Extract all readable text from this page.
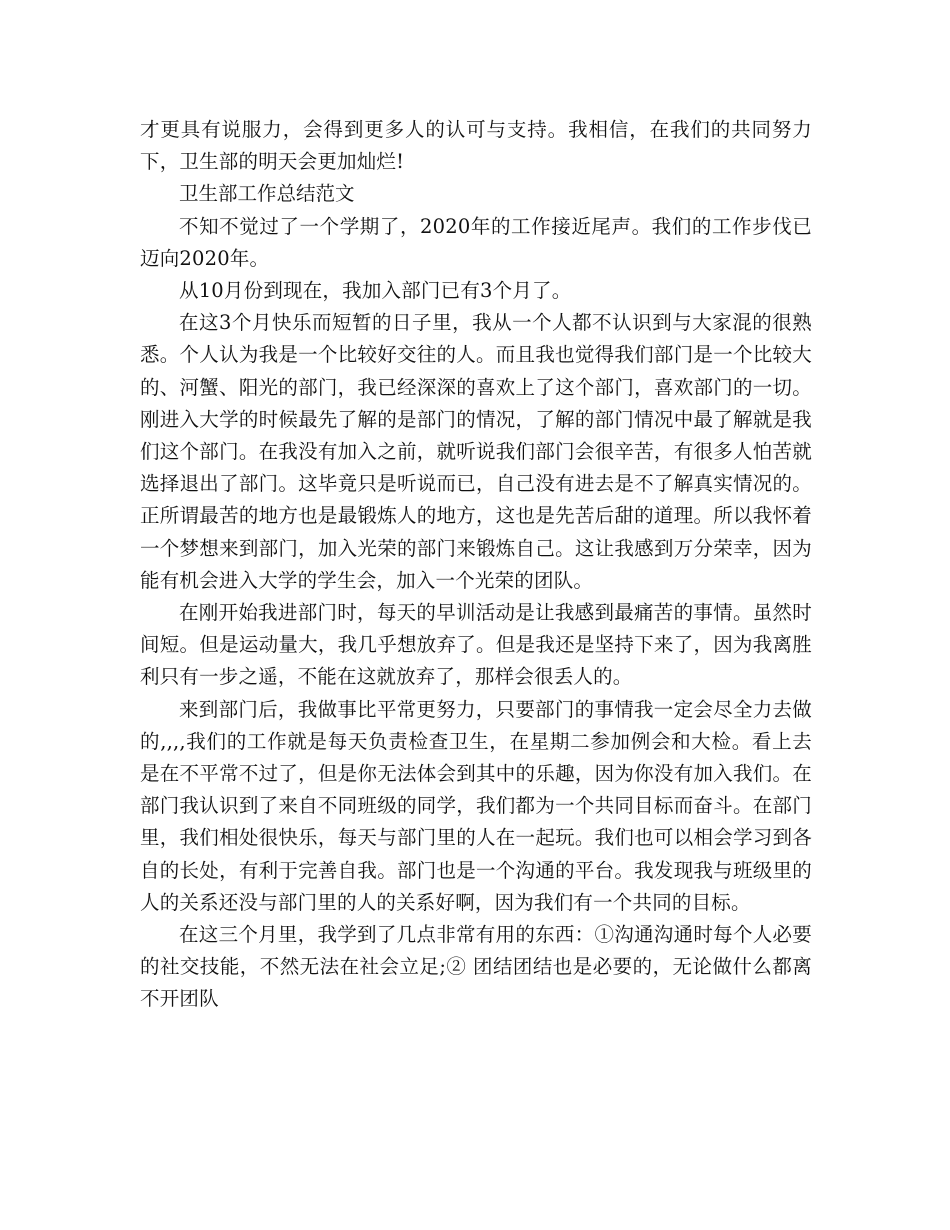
才更具有说服力，会得到更多人的认可与支持。我相信，在我们的共同努力下，卫生部的明天会更加灿烂!

卫生部工作总结范文

不知不觉过了一个学期了，2020年的工作接近尾声。我们的工作步伐已迈向2020年。

从10月份到现在，我加入部门已有3个月了。

在这3个月快乐而短暂的日子里，我从一个人都不认识到与大家混的很熟悉。个人认为我是一个比较好交往的人。而且我也觉得我们部门是一个比较大的、河蟹、阳光的部门，我已经深深的喜欢上了这个部门，喜欢部门的一切。刚进入大学的时候最先了解的是部门的情况，了解的部门情况中最了解就是我们这个部门。在我没有加入之前，就听说我们部门会很辛苦，有很多人怕苦就选择退出了部门。这毕竟只是听说而已，自己没有进去是不了解真实情况的。正所谓最苦的地方也是最锻炼人的地方，这也是先苦后甜的道理。所以我怀着一个梦想来到部门，加入光荣的部门来锻炼自己。这让我感到万分荣幸，因为能有机会进入大学的学生会，加入一个光荣的团队。

在刚开始我进部门时，每天的早训活动是让我感到最痛苦的事情。虽然时间短。但是运动量大，我几乎想放弃了。但是我还是坚持下来了，因为我离胜利只有一步之遥，不能在这就放弃了，那样会很丢人的。

来到部门后，我做事比平常更努力，只要部门的事情我一定会尽全力去做的,,,,我们的工作就是每天负责检查卫生，在星期二参加例会和大检。看上去是在不平常不过了，但是你无法体会到其中的乐趣，因为你没有加入我们。在部门我认识到了来自不同班级的同学，我们都为一个共同目标而奋斗。在部门里，我们相处很快乐，每天与部门里的人在一起玩。我们也可以相会学习到各自的长处，有利于完善自我。部门也是一个沟通的平台。我发现我与班级里的人的关系还没与部门里的人的关系好啊，因为我们有一个共同的目标。

在这三个月里，我学到了几点非常有用的东西：①沟通沟通时每个人必要的社交技能，不然无法在社会立足;② 团结团结也是必要的，无论做什么都离不开团队
